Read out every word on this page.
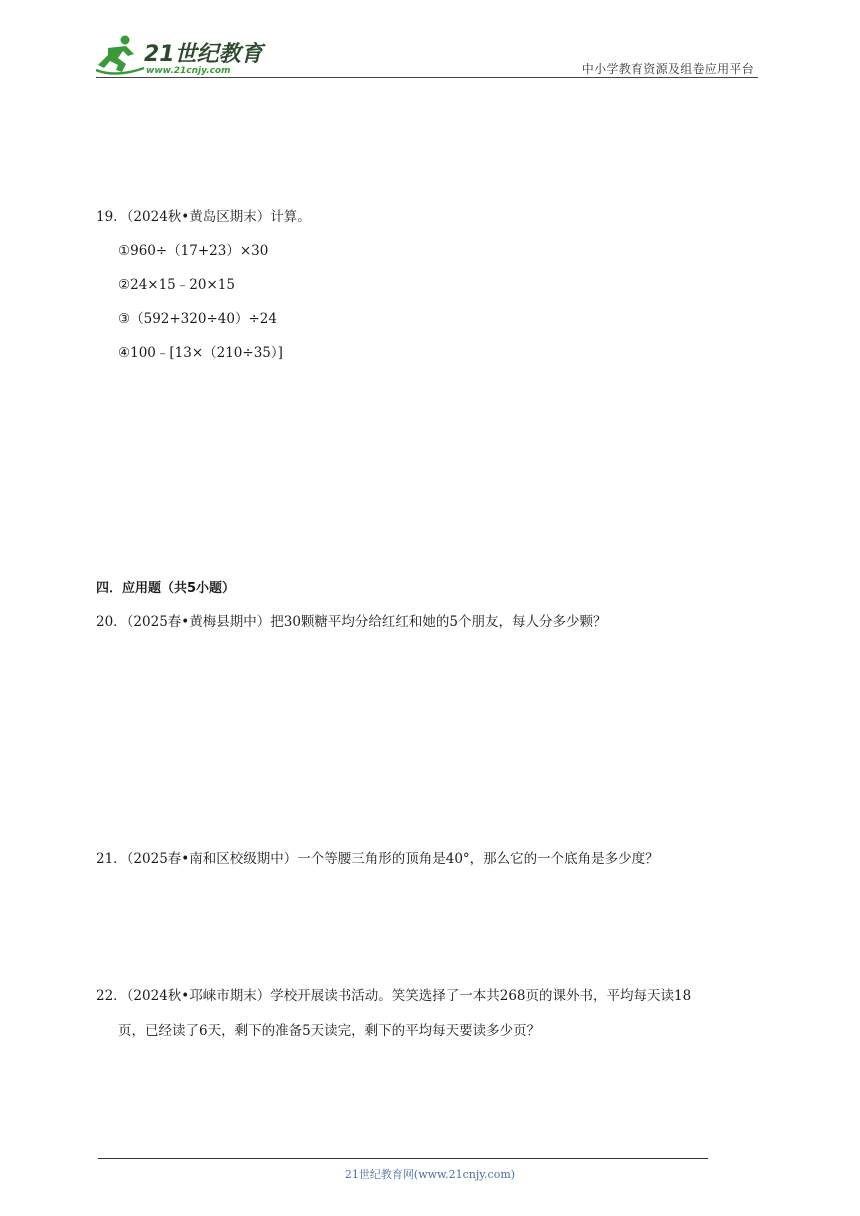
21世纪教育
www.21cnjy.com	中小学教育资源及组卷应用平台
19．（2024秋•黄岛区期末）计算。
①960÷（17+23）×30
②24×15﹣20×15
③（592+320÷40）÷24
④100﹣[13×（210÷35）]
四．应用题（共5小题）
20．（2025春•黄梅县期中）把30颗糖平均分给红红和她的5个朋友，每人分多少颗？
21．（2025春•南和区校级期中）一个等腰三角形的顶角是40°，那么它的一个底角是多少度？
22．（2024秋•邛崃市期末）学校开展读书活动。笑笑选择了一本共268页的课外书，平均每天读18
页，已经读了6天，剩下的准备5天读完，剩下的平均每天要读多少页？
21世纪教育网(www.21cnjy.com)
